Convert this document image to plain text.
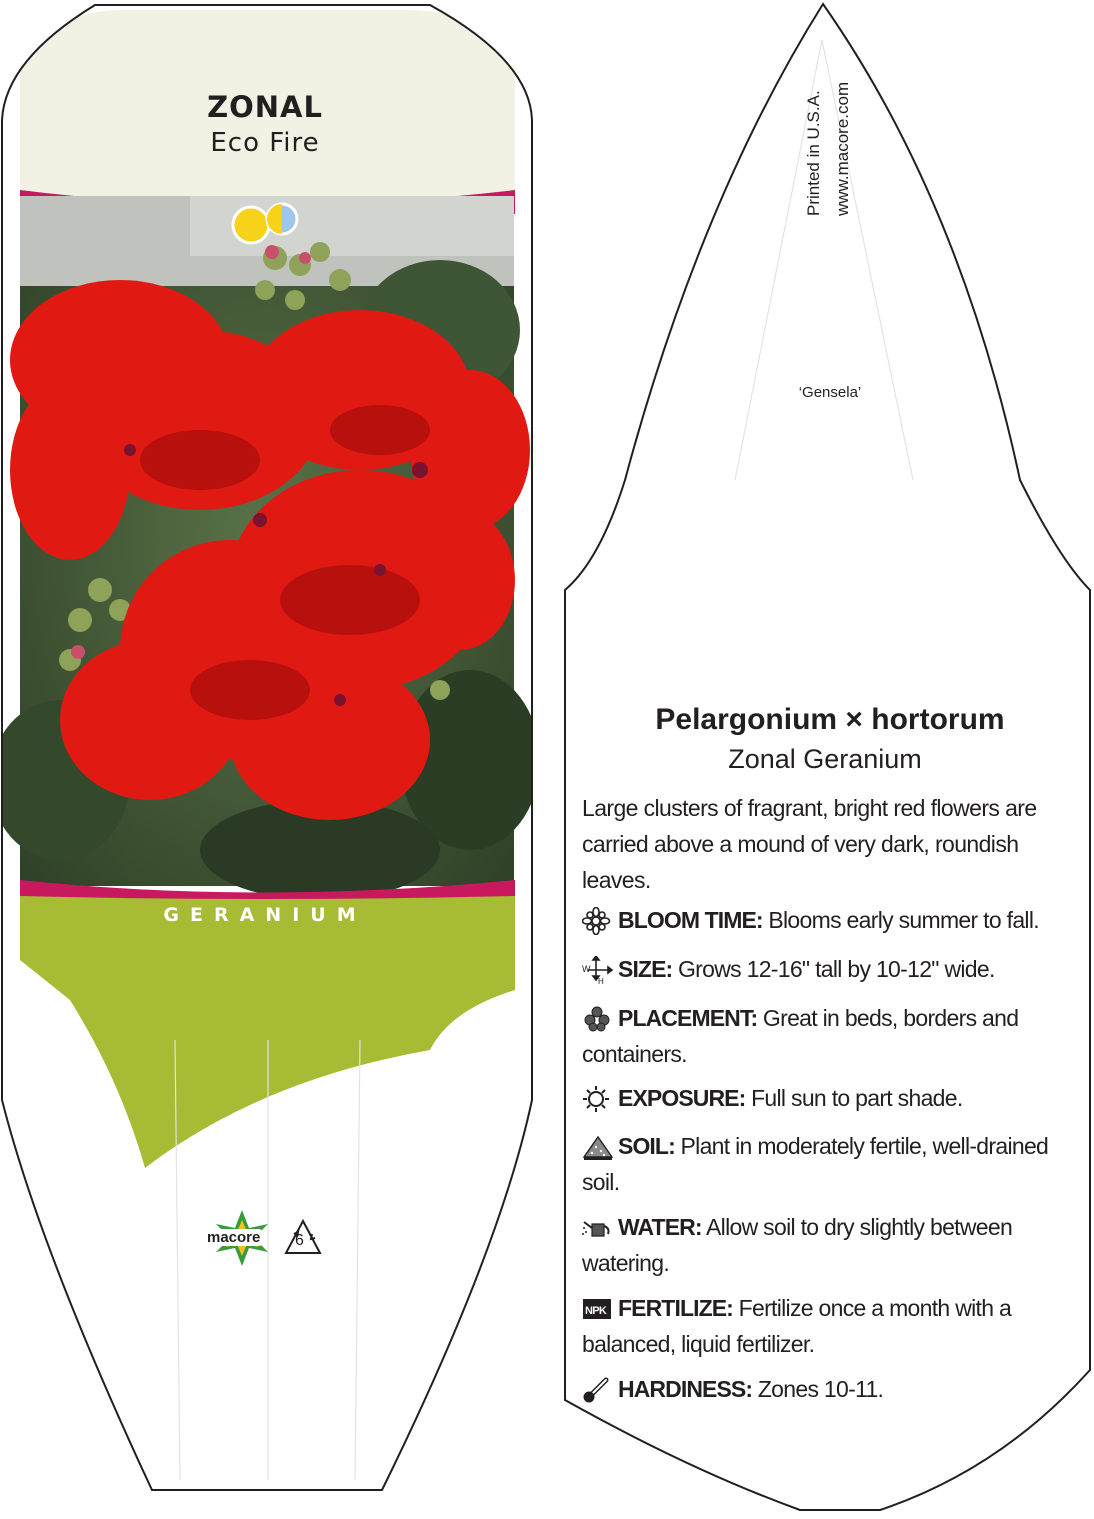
ZONAL
Eco Fire
GERANIUM
macore 6
Printed in U.S.A. www.macore.com
‘Gensela’
Pelargonium × hortorum
Zonal Geranium
Large clusters of fragrant, bright red flowers are carried above a mound of very dark, roundish leaves.
BLOOM TIME: Blooms early summer to fall.
W
H SIZE: Grows 12-16" tall by 10-12" wide.
PLACEMENT: Great in beds, borders and containers.
EXPOSURE: Full sun to part shade.
SOIL: Plant in moderately fertile, well-drained soil.
WATER: Allow soil to dry slightly between watering.
NPK FERTILIZE: Fertilize once a month with a balanced, liquid fertilizer.
HARDINESS: Zones 10-11.
